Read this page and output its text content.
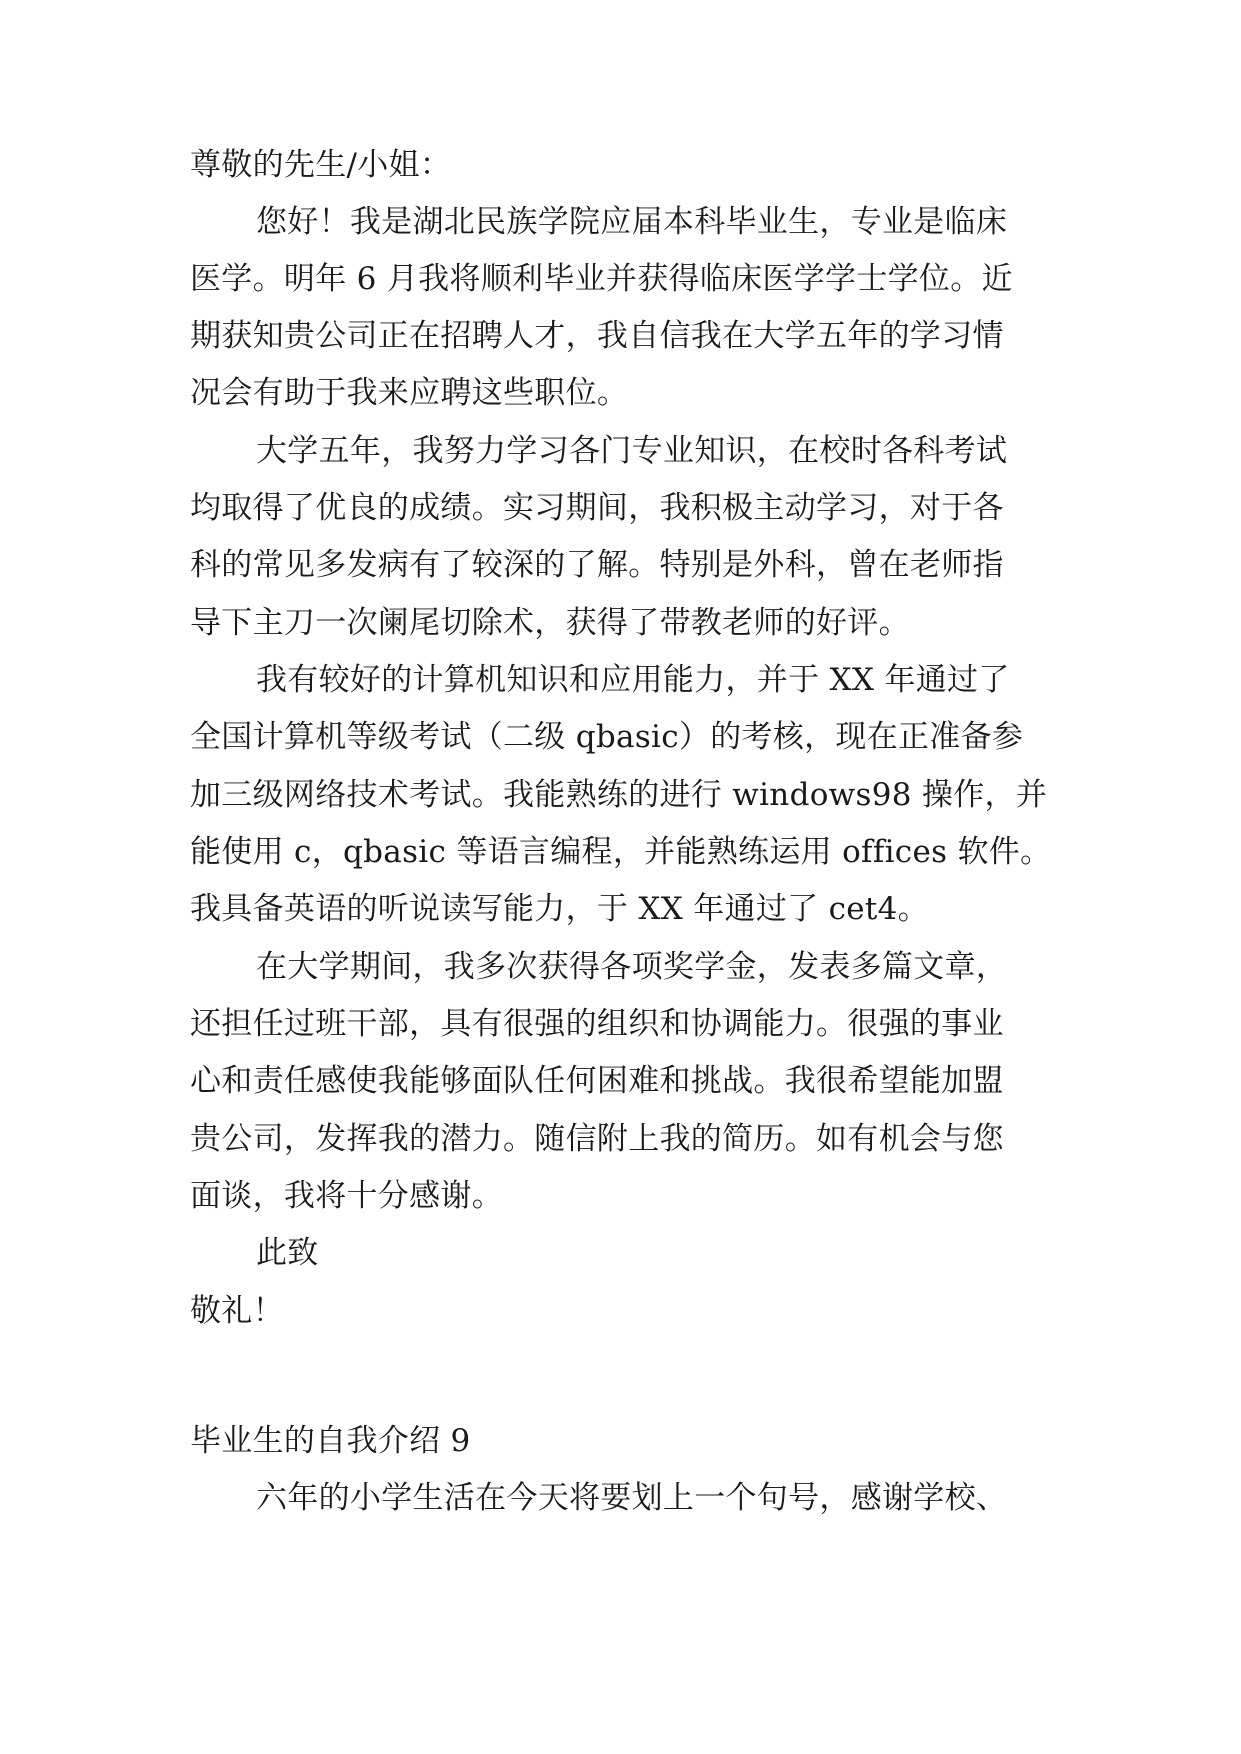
尊敬的先生/小姐：
您好！我是湖北民族学院应届本科毕业生，专业是临床
医学。明年 6 月我将顺利毕业并获得临床医学学士学位。近
期获知贵公司正在招聘人才，我自信我在大学五年的学习情
况会有助于我来应聘这些职位。
大学五年，我努力学习各门专业知识，在校时各科考试
均取得了优良的成绩。实习期间，我积极主动学习，对于各
科的常见多发病有了较深的了解。特别是外科，曾在老师指
导下主刀一次阑尾切除术，获得了带教老师的好评。
我有较好的计算机知识和应用能力，并于 XX 年通过了
全国计算机等级考试（二级 qbasic）的考核，现在正准备参
加三级网络技术考试。我能熟练的进行 windows98 操作，并
能使用 c，qbasic 等语言编程，并能熟练运用 offices 软件。
我具备英语的听说读写能力，于 XX 年通过了 cet4。
在大学期间，我多次获得各项奖学金，发表多篇文章，
还担任过班干部，具有很强的组织和协调能力。很强的事业
心和责任感使我能够面队任何困难和挑战。我很希望能加盟
贵公司，发挥我的潜力。随信附上我的简历。如有机会与您
面谈，我将十分感谢。
此致
敬礼！
毕业生的自我介绍 9
六年的小学生活在今天将要划上一个句号，感谢学校、
